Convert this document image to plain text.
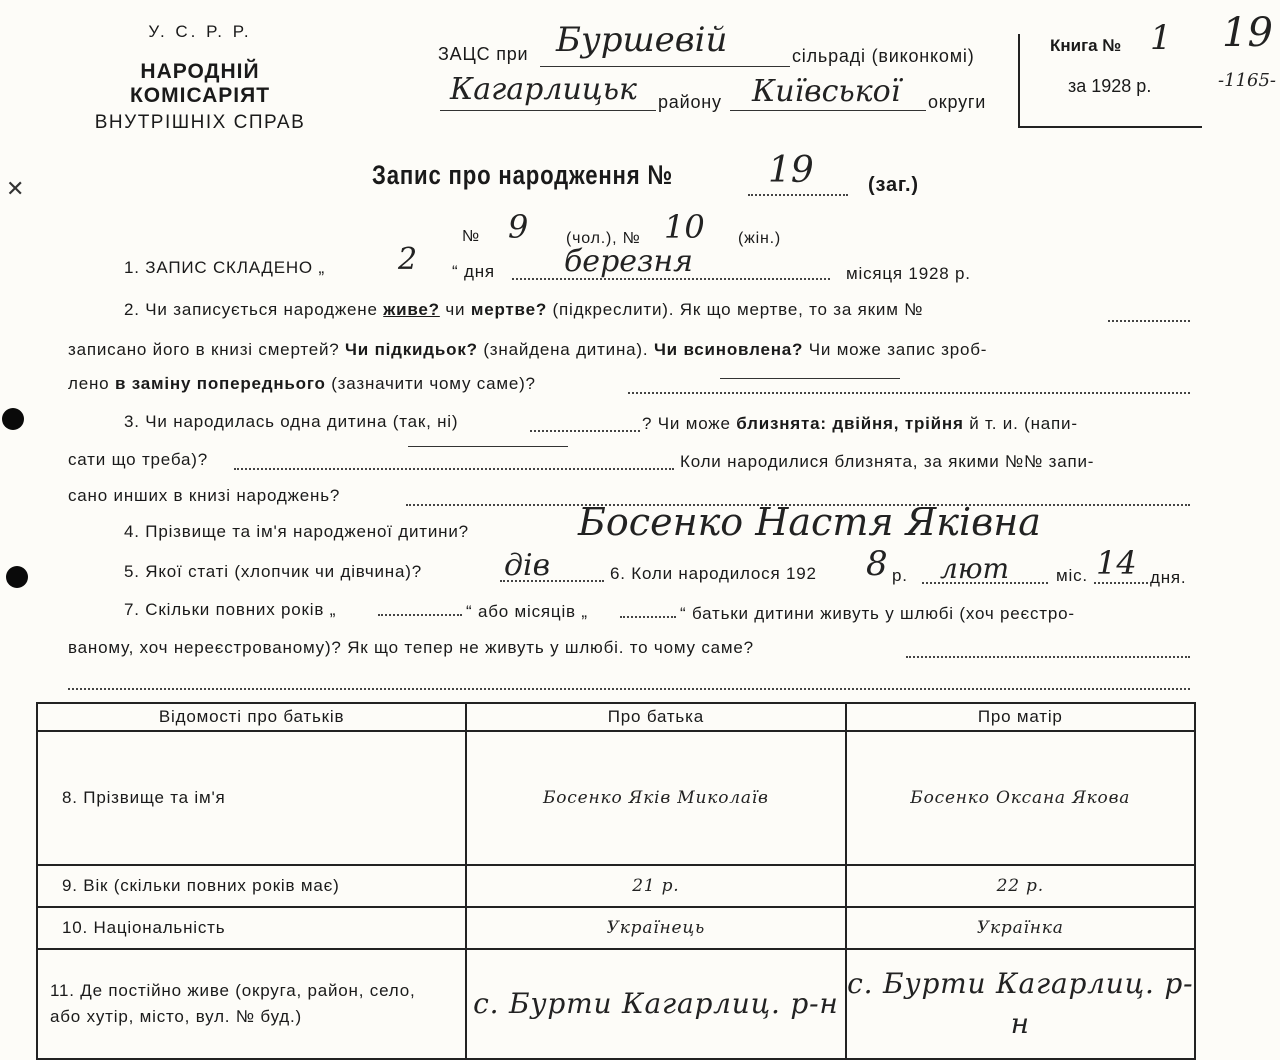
У. С. Р. Р.
НАРОДНІЙ КОМІСАРІЯТ
ВНУТРІШНІХ СПРАВ
ЗАЦС при Буршевій	сільраді (виконкомі)
Кагарлицьк району Київської округи
Книга № 1
за 1928 р.
19
-1165-
Запис про народження №	19	(заг.)
№ 9 (чол.), № 10 (жін.)
1. ЗАПИС СКЛАДЕНО „ 2 “ дня березня	місяця 1928 р.
2. Чи записується народжене живе? чи мертве? (підкреслити). Як що мертве, то за яким №
записано його в книзі смертей? Чи підкидьок? (знайдена дитина). Чи всиновлена? Чи може запис зроб-
лено в заміну попереднього (зазначити чому саме)?
3. Чи народилась одна дитина (так, ні)	? Чи може близнята: двійня, трійня й т. и. (напи-
сати що треба)?	Коли народилися близнята, за якими №№ запи-
сано инших в книзі народжень?
4. Прізвище та ім'я народженої дитини?	Босенко Настя Яківна
5. Якої статі (хлопчик чи дівчина)?	дів	6. Коли народилося 192 8 р. лют	міс. 14 дня.
7. Скільки повних років „	“ або місяців „	“ батьки дитини живуть у шлюбі (хоч реєстро-
ваному, хоч нереєстрованому)? Як що тепер не живуть у шлюбі. то чому саме?
Відомості про батьків	Про батька	Про матір
8. Прізвище та ім'я	Босенко Яків Миколаїв	Босенко Оксана Якова
9. Вік (скільки повних років має)	21 р.	22 р.
10. Національність	Українець	Українка
11. Де постійно живе (округа, район, село, або хутір, місто, вул. № буд.)	с. Бурти Кагарлиц. р-н	с. Бурти Кагарлиц. р-н
✕
